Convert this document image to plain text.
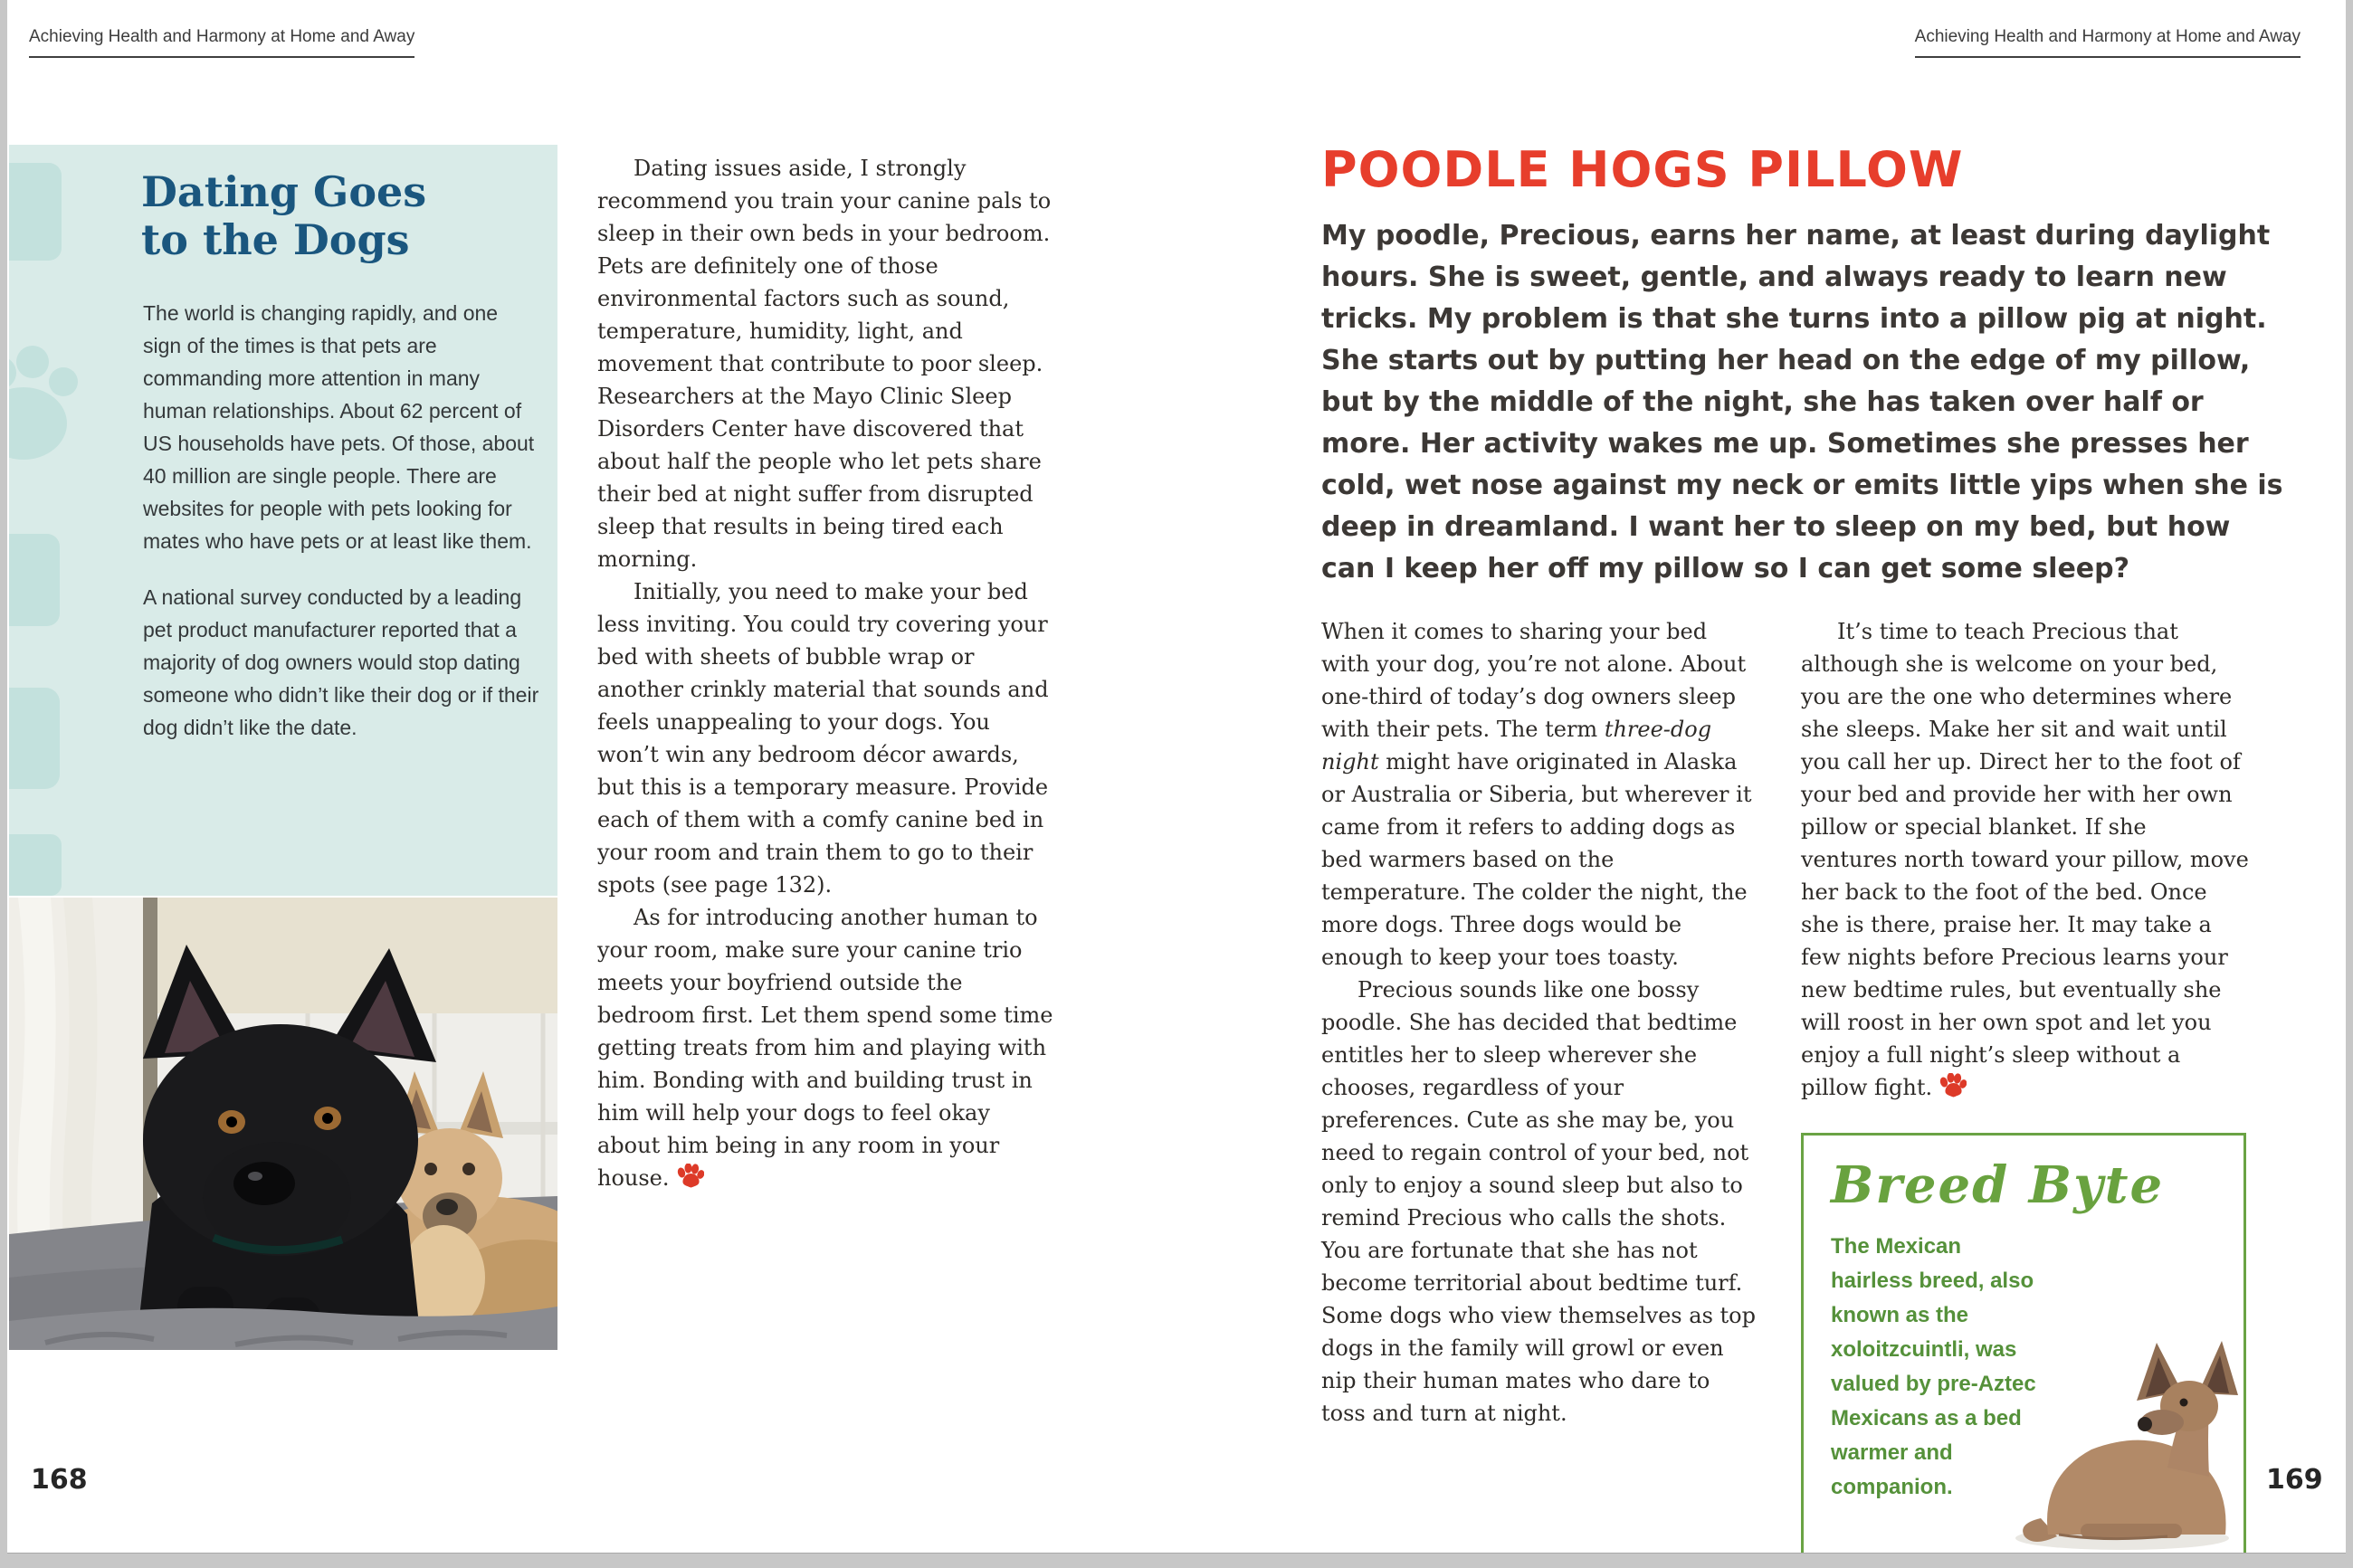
Achieving Health and Harmony at Home and Away
Dating Goes
to the Dogs

The world is changing rapidly, and one sign of the times is that pets are commanding more attention in many human relationships. About 62 percent of US households have pets. Of those, about 40 million are single people. There are websites for people with pets looking for mates who have pets or at least like them.

A national survey conducted by a leading pet product manufacturer reported that a majority of dog owners would stop dating someone who didn’t like their dog or if their dog didn’t like the date.

168

Dating issues aside, I strongly recommend you train your canine pals to sleep in their own beds in your bedroom. Pets are definitely one of those environmental factors such as sound, temperature, humidity, light, and movement that contribute to poor sleep. Researchers at the Mayo Clinic Sleep Disorders Center have discovered that about half the people who let pets share their bed at night suffer from disrupted sleep that results in being tired each morning.

Initially, you need to make your bed less inviting. You could try covering your bed with sheets of bubble wrap or another crinkly material that sounds and feels unappealing to your dogs. You won’t win any bedroom décor awards, but this is a temporary measure. Provide each of them with a comfy canine bed in your room and train them to go to their spots (see page 132).

As for introducing another human to your room, make sure your canine trio meets your boyfriend outside the bedroom first. Let them spend some time getting treats from him and playing with him. Bonding with and building trust in him will help your dogs to feel okay about him being in any room in your house.

Achieving Health and Harmony at Home and Away
POODLE HOGS PILLOW
My poodle, Precious, earns her name, at least during daylight hours. She is sweet, gentle, and always ready to learn new tricks. My problem is that she turns into a pillow pig at night. She starts out by putting her head on the edge of my pillow, but by the middle of the night, she has taken over half or more. Her activity wakes me up. Sometimes she presses her cold, wet nose against my neck or emits little yips when she is deep in dreamland. I want her to sleep on my bed, but how can I keep her off my pillow so I can get some sleep?

When it comes to sharing your bed with your dog, you’re not alone. About one-third of today’s dog owners sleep with their pets. The term three-dog night might have originated in Alaska or Australia or Siberia, but wherever it came from it refers to adding dogs as bed warmers based on the temperature. The colder the night, the more dogs. Three dogs would be enough to keep your toes toasty.

Precious sounds like one bossy poodle. She has decided that bedtime entitles her to sleep wherever she chooses, regardless of your preferences. Cute as she may be, you need to regain control of your bed, not only to enjoy a sound sleep but also to remind Precious who calls the shots. You are fortunate that she has not become territorial about bedtime turf. Some dogs who view themselves as top dogs in the family will growl or even nip their human mates who dare to toss and turn at night.

It’s time to teach Precious that although she is welcome on your bed, you are the one who determines where she sleeps. Make her sit and wait until you call her up. Direct her to the foot of your bed and provide her with her own pillow or special blanket. If she ventures north toward your pillow, move her back to the foot of the bed. Once she is there, praise her. It may take a few nights before Precious learns your new bedtime rules, but eventually she will roost in her own spot and let you enjoy a full night’s sleep without a pillow fight.

Breed Byte
The Mexican hairless breed, also known as the xoloitzcuintli, was valued by pre-Aztec Mexicans as a bed warmer and companion.	169
